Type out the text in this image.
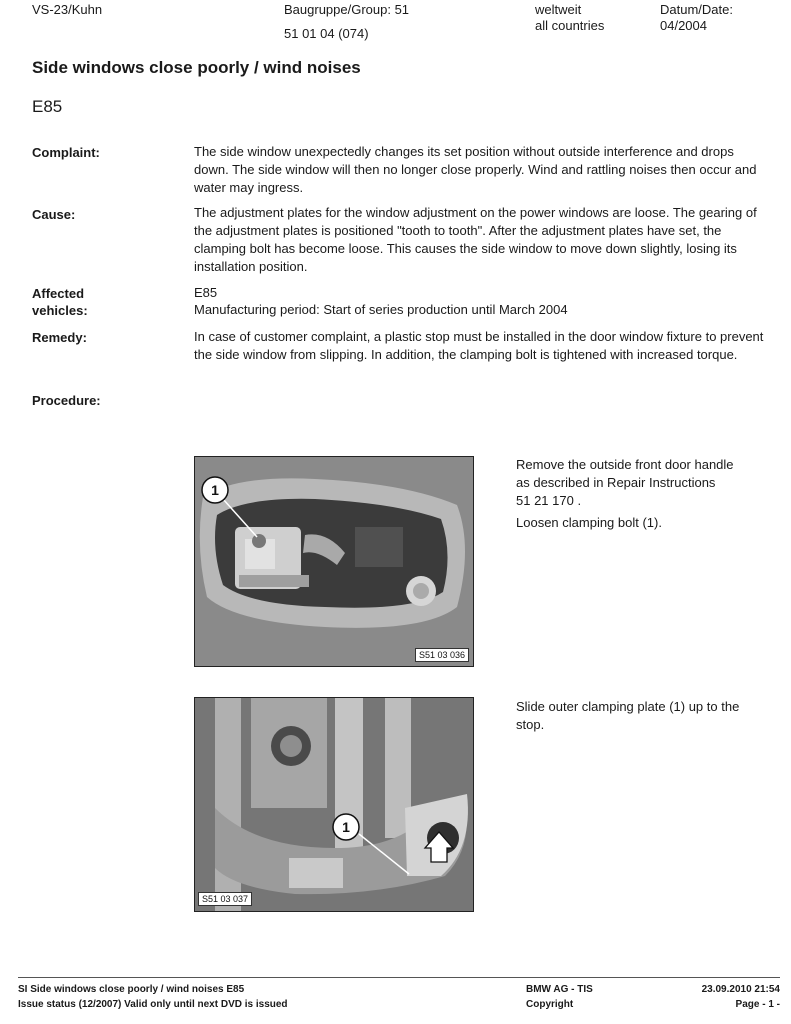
VS-23/Kuhn	Baugruppe/Group: 51
51 01 04 (074)
weltweit
all countries
Datum/Date:
04/2004
Side windows close poorly / wind noises
E85
Complaint:	The side window unexpectedly changes its set position without outside interference and drops down. The side window will then no longer close properly. Wind and rattling noises then occur and water may ingress.
Cause:	The adjustment plates for the window adjustment on the power windows are loose. The gearing of the adjustment plates is positioned "tooth to tooth". After the adjustment plates have set, the clamping bolt has become loose. This causes the side window to move down slightly, losing its installation position.
Affected
vehicles:
E85
Manufacturing period: Start of series production until March 2004
Remedy:	In case of customer complaint, a plastic stop must be installed in the door window fixture to prevent the side window from slipping. In addition, the clamping bolt is tightened with increased torque.
Procedure:
1
S51 03 036
Remove the outside front door handle
as described in Repair Instructions
51 21 170 .
Loosen clamping bolt (1).
1
S51 03 037
Slide outer clamping plate (1) up to the
stop.
SI Side windows close poorly / wind noises E85
Issue status (12/2007) Valid only until next DVD is issued
BMW AG - TIS
Copyright
23.09.2010 21:54
Page - 1 -
